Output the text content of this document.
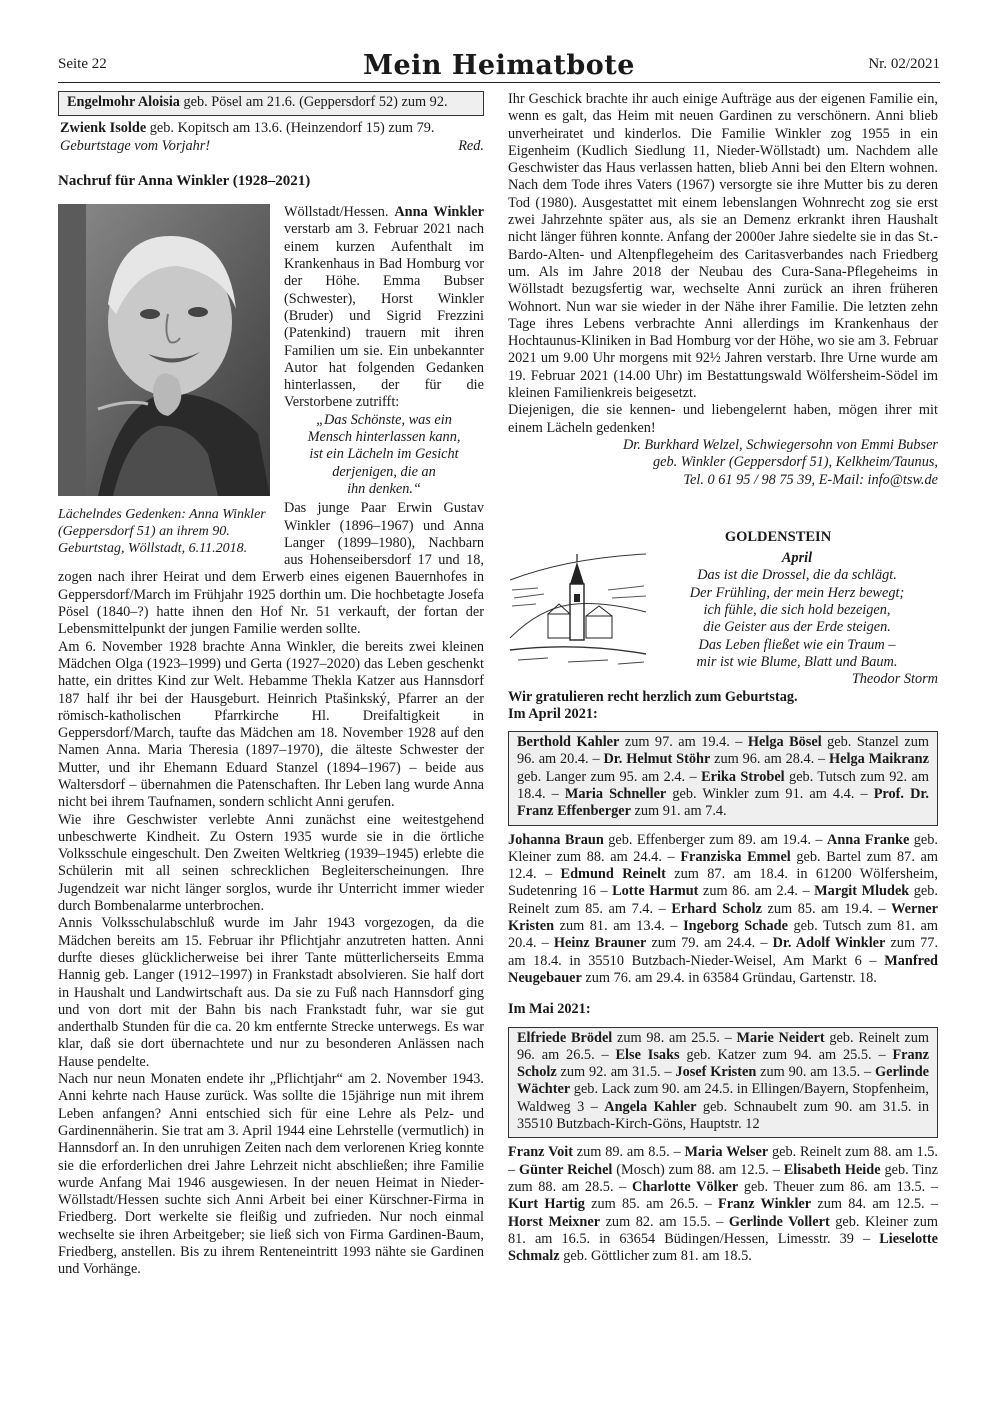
Seite 22	Mein Heimatbote	Nr. 02/2021
Engelmohr Aloisia geb. Pösel am 21.6. (Geppersdorf 52) zum 92.

Zwienk Isolde geb. Kopitsch am 13.6. (Heinzendorf 15) zum 79.

Geburtstage vom Vorjahr!	Red.

Nachruf für Anna Winkler (1928–2021)
Lächelndes Gedenken: Anna Winkler (Geppersdorf 51) an ihrem 90. Geburtstag, Wöllstadt, 6.11.2018.

Wöllstadt/Hessen. Anna Winkler verstarb am 3. Februar 2021 nach einem kurzen Aufenthalt im Krankenhaus in Bad Homburg vor der Höhe. Emma Bubser (Schwester), Horst Winkler (Bruder) und Sigrid Frezzini (Patenkind) trauern mit ihren Familien um sie. Ein unbekannter Autor hat folgenden Gedanken hinterlassen, der für die Verstorbene zutrifft:

„Das Schönste, was ein
Mensch hinterlassen kann,
ist ein Lächeln im Gesicht
derjenigen, die an
ihn denken.“

Das junge Paar Erwin Gustav Winkler (1896–1967) und Anna Langer (1899–1980), Nachbarn aus Hohenseibersdorf 17 und 18, zogen nach ihrer Heirat und dem Erwerb eines eigenen Bauernhofes in Geppersdorf/March im Frühjahr 1925 dorthin um. Die hochbetagte Josefa Pösel (1840–?) hatte ihnen den Hof Nr. 51 verkauft, der fortan der Lebensmittelpunkt der jungen Familie werden sollte.

Am 6. November 1928 brachte Anna Winkler, die bereits zwei kleinen Mädchen Olga (1923–1999) und Gerta (1927–2020) das Leben geschenkt hatte, ein drittes Kind zur Welt. Hebamme Thekla Katzer aus Hannsdorf 187 half ihr bei der Hausgeburt. Heinrich Ptašinkský, Pfarrer an der römisch-katholischen Pfarrkirche Hl. Dreifaltigkeit in Geppersdorf/March, taufte das Mädchen am 18. November 1928 auf den Namen Anna. Maria Theresia (1897–1970), die älteste Schwester der Mutter, und ihr Ehemann Eduard Stanzel (1894–1967) – beide aus Waltersdorf – übernahmen die Patenschaften. Ihr Leben lang wurde Anna nicht bei ihrem Taufnamen, sondern schlicht Anni gerufen.

Wie ihre Geschwister verlebte Anni zunächst eine weitestgehend unbeschwerte Kindheit. Zu Ostern 1935 wurde sie in die örtliche Volksschule eingeschult. Den Zweiten Weltkrieg (1939–1945) erlebte die Schülerin mit all seinen schrecklichen Begleiterscheinungen. Ihre Jugendzeit war nicht länger sorglos, wurde ihr Unterricht immer wieder durch Bombenalarme unterbrochen.

Annis Volksschulabschluß wurde im Jahr 1943 vorgezogen, da die Mädchen bereits am 15. Februar ihr Pflichtjahr anzutreten hatten. Anni durfte dieses glücklicherweise bei ihrer Tante mütterlicherseits Emma Hannig geb. Langer (1912–1997) in Frankstadt absolvieren. Sie half dort in Haushalt und Landwirtschaft aus. Da sie zu Fuß nach Hannsdorf ging und von dort mit der Bahn bis nach Frankstadt fuhr, war sie gut anderthalb Stunden für die ca. 20 km entfernte Strecke unterwegs. Es war klar, daß sie dort übernachtete und nur zu besonderen Anlässen nach Hause pendelte.

Nach nur neun Monaten endete ihr „Pflichtjahr“ am 2. November 1943. Anni kehrte nach Hause zurück. Was sollte die 15jährige nun mit ihrem Leben anfangen? Anni entschied sich für eine Lehre als Pelz- und Gardinennäherin. Sie trat am 3. April 1944 eine Lehrstelle (vermutlich) in Hannsdorf an. In den unruhigen Zeiten nach dem verlorenen Krieg konnte sie die erforderlichen drei Jahre Lehrzeit nicht abschließen; ihre Familie wurde Anfang Mai 1946 ausgewiesen. In der neuen Heimat in Nieder-Wöllstadt/Hessen suchte sich Anni Arbeit bei einer Kürschner-Firma in Friedberg. Dort werkelte sie fleißig und zufrieden. Nur noch einmal wechselte sie ihren Arbeitgeber; sie ließ sich von Firma Gardinen-Baum, Friedberg, anstellen. Bis zu ihrem Renteneintritt 1993 nähte sie Gardinen und Vorhänge.

Ihr Geschick brachte ihr auch einige Aufträge aus der eigenen Familie ein, wenn es galt, das Heim mit neuen Gardinen zu verschönern. Anni blieb unverheiratet und kinderlos. Die Familie Winkler zog 1955 in ein Eigenheim (Kudlich Siedlung 11, Nieder-Wöllstadt) um. Nachdem alle Geschwister das Haus verlassen hatten, blieb Anni bei den Eltern wohnen. Nach dem Tode ihres Vaters (1967) versorgte sie ihre Mutter bis zu deren Tod (1980). Ausgestattet mit einem lebenslangen Wohnrecht zog sie erst zwei Jahrzehnte später aus, als sie an Demenz erkrankt ihren Haushalt nicht länger führen konnte. Anfang der 2000er Jahre siedelte sie in das St.-Bardo-Alten- und Altenpflegeheim des Caritasverbandes nach Friedberg um. Als im Jahre 2018 der Neubau des Cura-Sana-Pflegeheims in Wöllstadt bezugsfertig war, wechselte Anni zurück an ihren früheren Wohnort. Nun war sie wieder in der Nähe ihrer Familie. Die letzten zehn Tage ihres Lebens verbrachte Anni allerdings im Krankenhaus der Hochtaunus-Kliniken in Bad Homburg vor der Höhe, wo sie am 3. Februar 2021 um 9.00 Uhr morgens mit 92½ Jahren verstarb. Ihre Urne wurde am 19. Februar 2021 (14.00 Uhr) im Bestattungswald Wölfersheim-Södel im kleinen Familienkreis beigesetzt.

Diejenigen, die sie kennen- und liebengelernt haben, mögen ihrer mit einem Lächeln gedenken!

Dr. Burkhard Welzel, Schwiegersohn von Emmi Bubser
geb. Winkler (Geppersdorf 51), Kelkheim/Taunus,
Tel. 0 61 95 / 98 75 39, E-Mail: info@tsw.de
GOLDENSTEIN
April
Das ist die Drossel, die da schlägt.
Der Frühling, der mein Herz bewegt;
ich fühle, die sich hold bezeigen,
die Geister aus der Erde steigen.
Das Leben fließet wie ein Traum –
mir ist wie Blume, Blatt und Baum.
Theodor Storm

Wir gratulieren recht herzlich zum Geburtstag.

Im April 2021:

Berthold Kahler zum 97. am 19.4. – Helga Bösel geb. Stanzel zum 96. am 20.4. – Dr. Helmut Stöhr zum 96. am 28.4. – Helga Maikranz geb. Langer zum 95. am 2.4. – Erika Strobel geb. Tutsch zum 92. am 18.4. – Maria Schneller geb. Winkler zum 91. am 4.4. – Prof. Dr. Franz Effenberger zum 91. am 7.4.

Johanna Braun geb. Effenberger zum 89. am 19.4. – Anna Franke geb. Kleiner zum 88. am 24.4. – Franziska Emmel geb. Bartel zum 87. am 12.4. – Edmund Reinelt zum 87. am 18.4. in 61200 Wölfersheim, Sudetenring 16 – Lotte Harmut zum 86. am 2.4. – Margit Mludek geb. Reinelt zum 85. am 7.4. – Erhard Scholz zum 85. am 19.4. – Werner Kristen zum 81. am 13.4. – Ingeborg Schade geb. Tutsch zum 81. am 20.4. – Heinz Brauner zum 79. am 24.4. – Dr. Adolf Winkler zum 77. am 18.4. in 35510 Butzbach-Nieder-Weisel, Am Markt 6 – Manfred Neugebauer zum 76. am 29.4. in 63584 Gründau, Gartenstr. 18.

Im Mai 2021:

Elfriede Brödel zum 98. am 25.5. – Marie Neidert geb. Reinelt zum 96. am 26.5. – Else Isaks geb. Katzer zum 94. am 25.5. – Franz Scholz zum 92. am 31.5. – Josef Kristen zum 90. am 13.5. – Gerlinde Wächter geb. Lack zum 90. am 24.5. in Ellingen/Bayern, Stopfenheim, Waldweg 3 – Angela Kahler geb. Schnaubelt zum 90. am 31.5. in 35510 Butzbach-Kirch-Göns, Hauptstr. 12

Franz Voit zum 89. am 8.5. – Maria Welser geb. Reinelt zum 88. am 1.5. – Günter Reichel (Mosch) zum 88. am 12.5. – Elisabeth Heide geb. Tinz zum 88. am 28.5. – Charlotte Völker geb. Theuer zum 86. am 13.5. – Kurt Hartig zum 85. am 26.5. – Franz Winkler zum 84. am 12.5. – Horst Meixner zum 82. am 15.5. – Gerlinde Vollert geb. Kleiner zum 81. am 16.5. in 63654 Büdingen/Hessen, Limesstr. 39 – Lieselotte Schmalz geb. Göttlicher zum 81. am 18.5.
